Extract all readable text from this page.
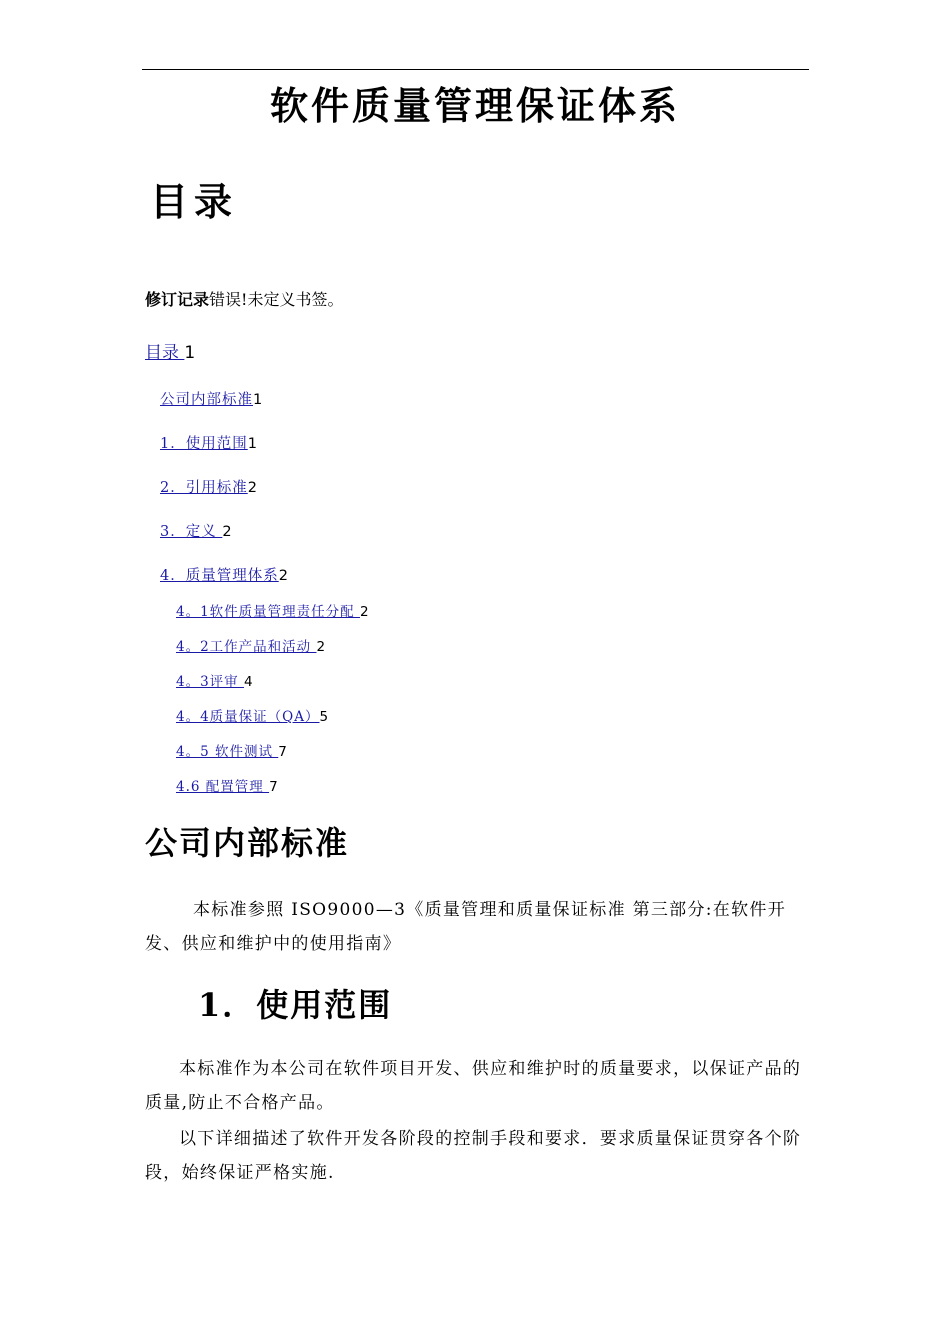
软件质量管理保证体系
目录
修订记录错误!未定义书签。
目录 1
公司内部标准1
1．使用范围1
2．引用标准2
3．定义 2
4．质量管理体系2
4。1软件质量管理责任分配 2
4。2工作产品和活动 2
4。3评审 4
4。4质量保证（QA）5
4。5 软件测试 7
4.6 配置管理 7
公司内部标准
本标准参照 ISO9000—3《质量管理和质量保证标准 第三部分:在软件开发、供应和维护中的使用指南》
1．使用范围
本标准作为本公司在软件项目开发、供应和维护时的质量要求，以保证产品的质量,防止不合格产品。
以下详细描述了软件开发各阶段的控制手段和要求．要求质量保证贯穿各个阶段，始终保证严格实施.
